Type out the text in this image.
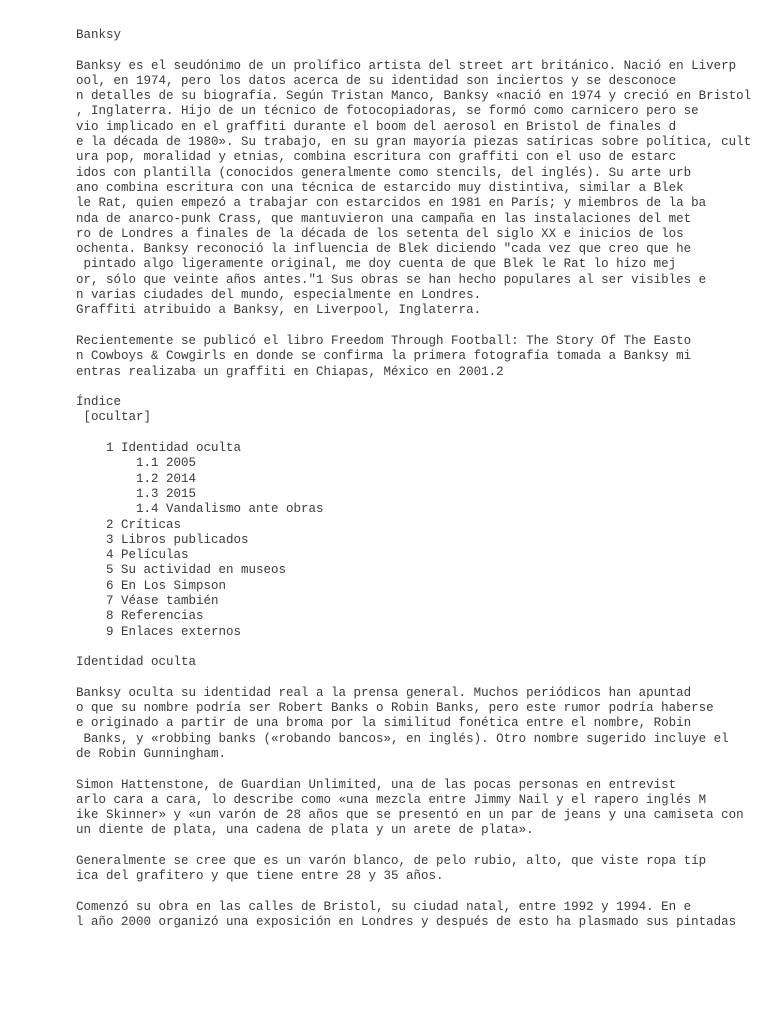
Banksy
Banksy es el seudónimo de un prolífico artista del street art británico. Nació en Liverp
ool, en 1974, pero los datos acerca de su identidad son inciertos y se desconoce
n detalles de su biografía. Según Tristan Manco, Banksy «nació en 1974 y creció en Bristol
, Inglaterra. Hijo de un técnico de fotocopiadoras, se formó como carnicero pero se
vio implicado en el graffiti durante el boom del aerosol en Bristol de finales d
e la década de 1980». Su trabajo, en su gran mayoría piezas satíricas sobre política, cult
ura pop, moralidad y etnias, combina escritura con graffiti con el uso de estarc
idos con plantilla (conocidos generalmente como stencils, del inglés). Su arte urb
ano combina escritura con una técnica de estarcido muy distintiva, similar a Blek
le Rat, quien empezó a trabajar con estarcidos en 1981 en París; y miembros de la ba
nda de anarco-punk Crass, que mantuvieron una campaña en las instalaciones del met
ro de Londres a finales de la década de los setenta del siglo XX e inicios de los
ochenta. Banksy reconoció la influencia de Blek diciendo "cada vez que creo que he
pintado algo ligeramente original, me doy cuenta de que Blek le Rat lo hizo mej
or, sólo que veinte años antes."1 Sus obras se han hecho populares al ser visibles e
n varias ciudades del mundo, especialmente en Londres.
Graffiti atribuido a Banksy, en Liverpool, Inglaterra.
Recientemente se publicó el libro Freedom Through Football: The Story Of The Easto
n Cowboys & Cowgirls en donde se confirma la primera fotografía tomada a Banksy mi
entras realizaba un graffiti en Chiapas, México en 2001.2
Índice
[ocultar]
1 Identidad oculta
1.1 2005
1.2 2014
1.3 2015
1.4 Vandalismo ante obras
2 Críticas
3 Libros publicados
4 Películas
5 Su actividad en museos
6 En Los Simpson
7 Véase también
8 Referencias
9 Enlaces externos
Identidad oculta
Banksy oculta su identidad real a la prensa general. Muchos periódicos han apuntad
o que su nombre podría ser Robert Banks o Robin Banks, pero este rumor podría haberse
e originado a partir de una broma por la similitud fonética entre el nombre, Robin
Banks, y «robbing banks («robando bancos», en inglés). Otro nombre sugerido incluye el
de Robin Gunningham.
Simon Hattenstone, de Guardian Unlimited, una de las pocas personas en entrevist
arlo cara a cara, lo describe como «una mezcla entre Jimmy Nail y el rapero inglés M
ike Skinner» y «un varón de 28 años que se presentó en un par de jeans y una camiseta con
un diente de plata, una cadena de plata y un arete de plata».
Generalmente se cree que es un varón blanco, de pelo rubio, alto, que viste ropa típ
ica del grafitero y que tiene entre 28 y 35 años.
Comenzó su obra en las calles de Bristol, su ciudad natal, entre 1992 y 1994. En e
l año 2000 organizó una exposición en Londres y después de esto ha plasmado sus pintadas
